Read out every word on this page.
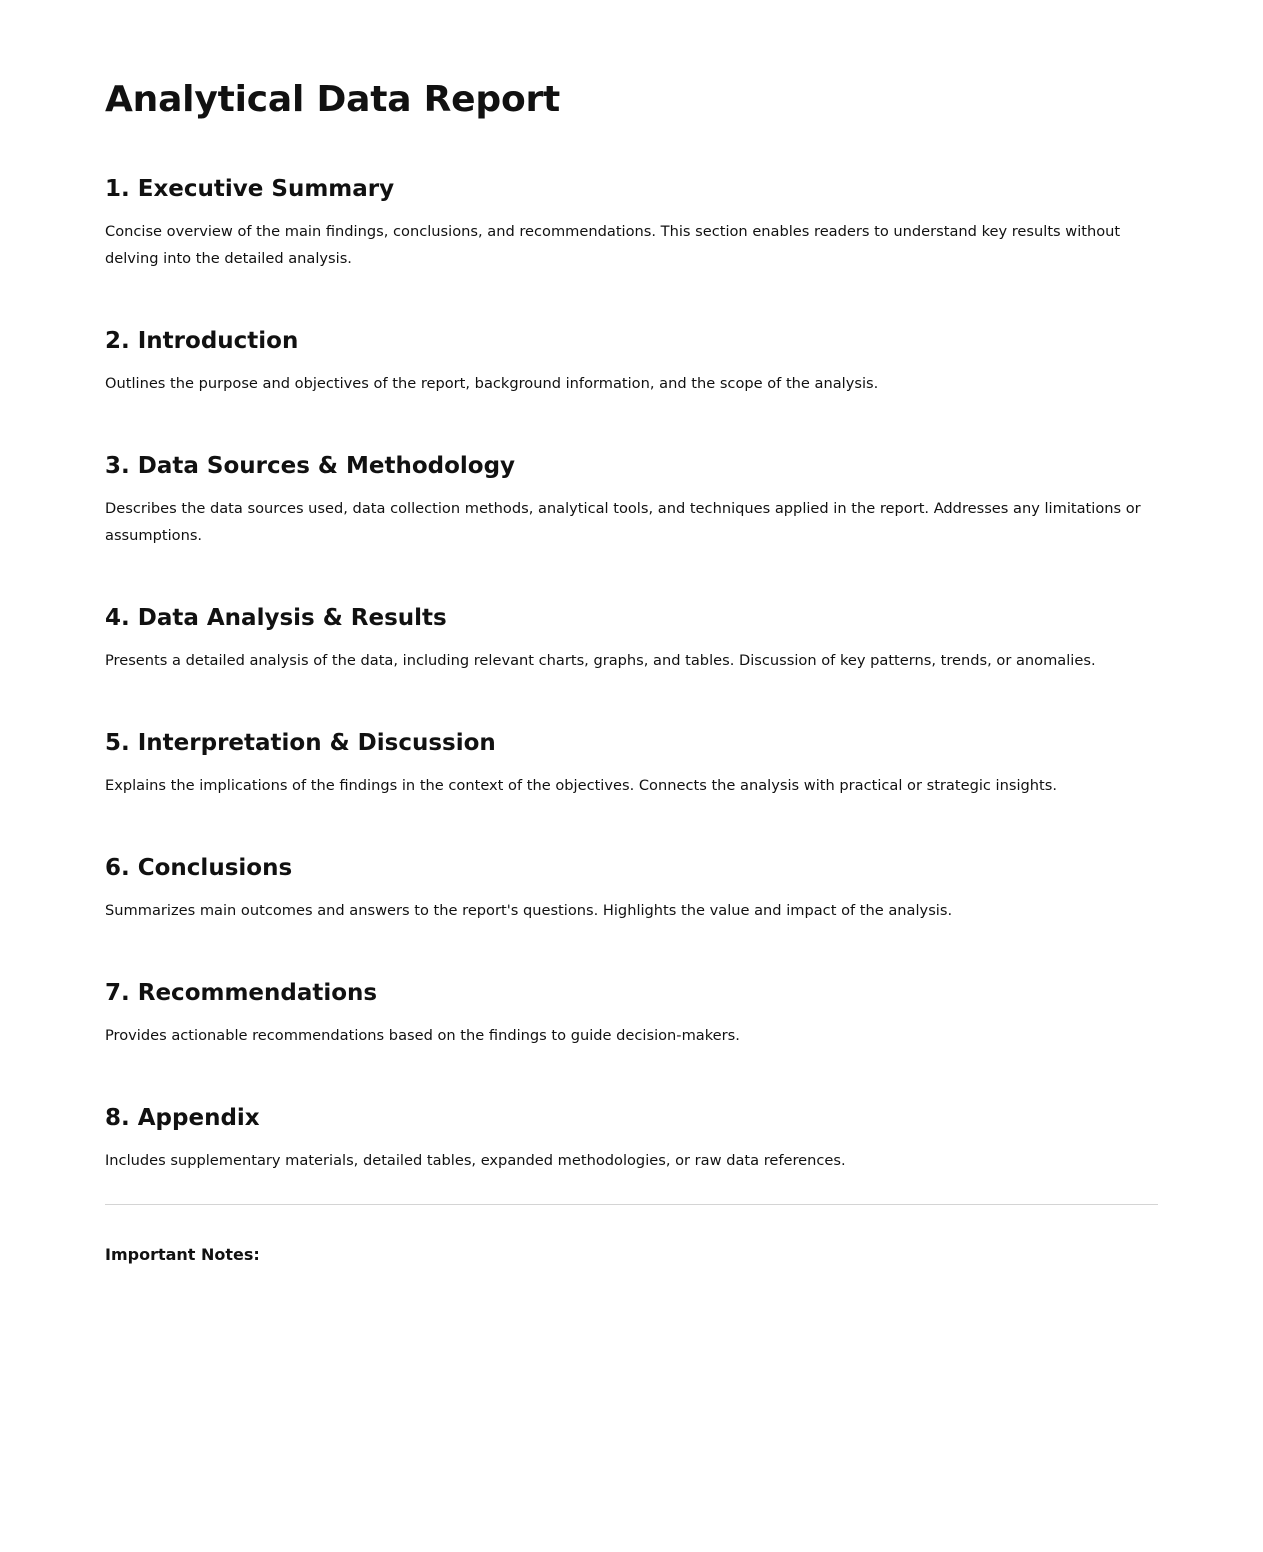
Analytical Data Report
1. Executive Summary

Concise overview of the main findings, conclusions, and recommendations. This section enables readers to understand key results without delving into the detailed analysis.

2. Introduction

Outlines the purpose and objectives of the report, background information, and the scope of the analysis.

3. Data Sources & Methodology

Describes the data sources used, data collection methods, analytical tools, and techniques applied in the report. Addresses any limitations or assumptions.

4. Data Analysis & Results

Presents a detailed analysis of the data, including relevant charts, graphs, and tables. Discussion of key patterns, trends, or anomalies.

5. Interpretation & Discussion

Explains the implications of the findings in the context of the objectives. Connects the analysis with practical or strategic insights.

6. Conclusions

Summarizes main outcomes and answers to the report's questions. Highlights the value and impact of the analysis.

7. Recommendations

Provides actionable recommendations based on the findings to guide decision-makers.

8. Appendix

Includes supplementary materials, detailed tables, expanded methodologies, or raw data references.

Important Notes:
